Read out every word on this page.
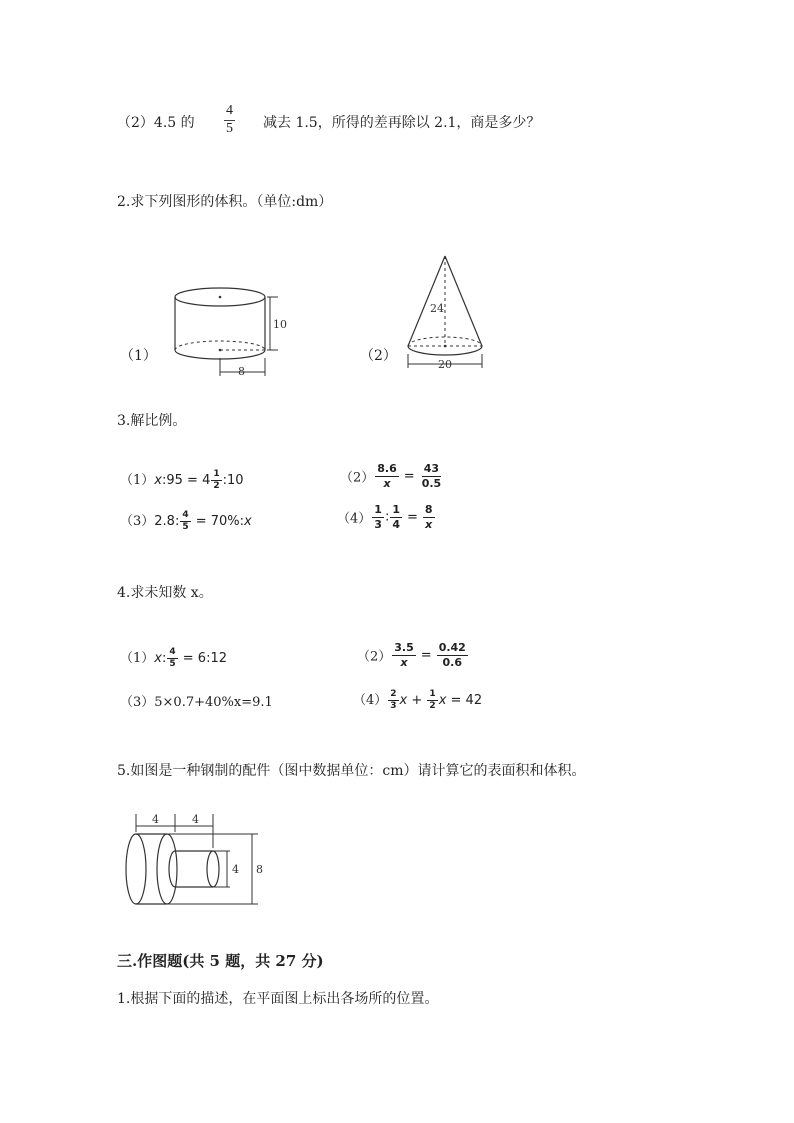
（2）4.5 的 $\frac{4}{5}$ 减去 1.5，所得的差再除以 2.1，商是多少？
2.求下列图形的体积。（单位:dm）
（1）
10
8
（2）
24
20
3.解比例。
（1）x:95 = $4 \frac{1}{2}$ :10	$(2) \frac{8.6}{x} = \frac{43}{0.5}$
（3）2.8: $\frac{4}{5}$ = 70%:x	$(4) \frac{1}{3}$ : $\frac{1}{4} = \frac{8}{x}$
4.求未知数 x。
（1）x: $\frac{4}{5}$ = 6:12	$(2) \frac{3.5}{x} = \frac{0.42}{0.6}$
（3）5×0.7+40%x=9.1	$(4) \frac{2}{3}$ $x + \frac{1}{2}$ x = 42
5.如图是一种钢制的配件（图中数据单位：cm）请计算它的表面积和体积。
4	4
4 8
三.作图题(共 5 题，共 27 分)
1.根据下面的描述，在平面图上标出各场所的位置。
